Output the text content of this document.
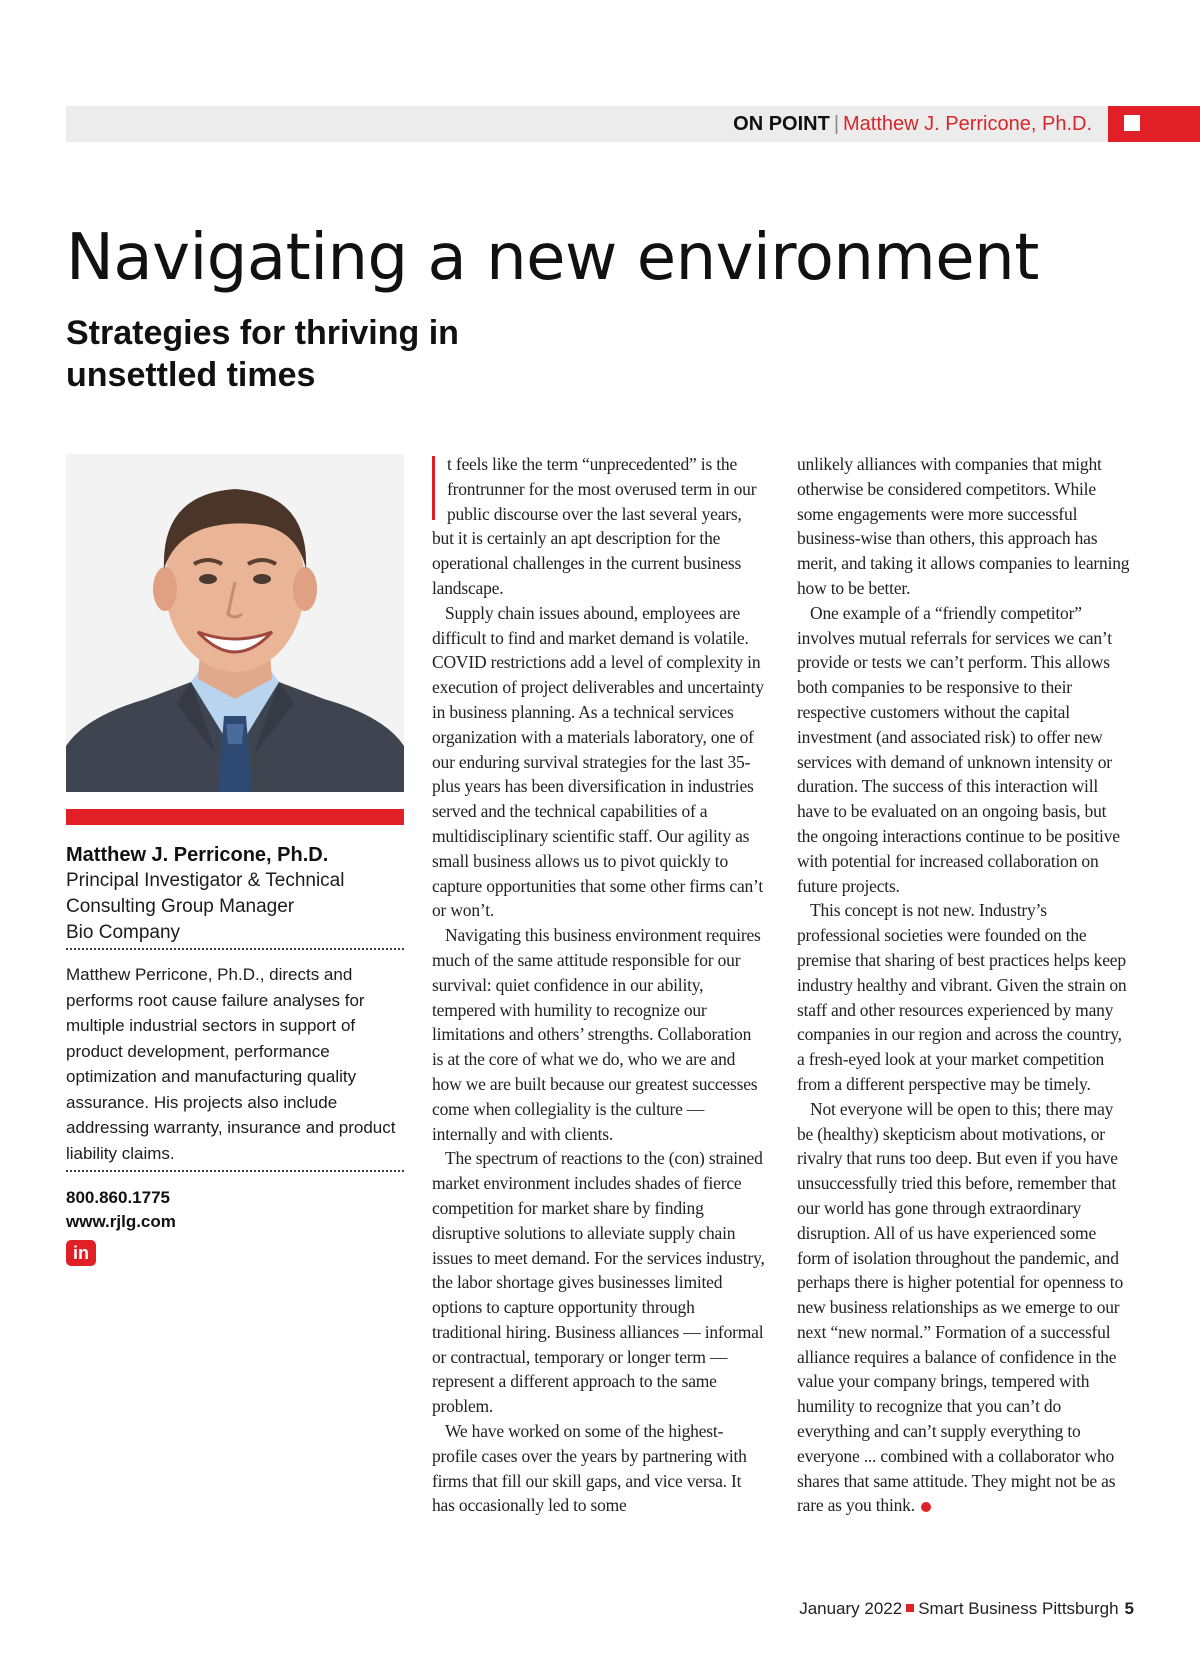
ON POINT | Matthew J. Perricone, Ph.D.
Navigating a new environment
Strategies for thriving in unsettled times
Matthew J. Perricone, Ph.D.
Principal Investigator & Technical
Consulting Group Manager
Bio Company
Matthew Perricone, Ph.D., directs and performs root cause failure analyses for multiple industrial sectors in support of product development, performance optimization and manufacturing quality assurance. His projects also include addressing warranty, insurance and product liability claims.
800.860.1775
www.rjlg.com
in

t feels like the term “unprecedented” is the frontrunner for the most overused term in our public discourse over the last several years, but it is certainly an apt description for the operational challenges in the current business landscape.

Supply chain issues abound, employees are difficult to find and market demand is volatile. COVID restrictions add a level of complexity in execution of project deliverables and uncertainty in business planning. As a technical services organization with a materials laboratory, one of our enduring survival strategies for the last 35-plus years has been diversification in industries served and the technical capabilities of a multidisciplinary scientific staff. Our agility as small business allows us to pivot quickly to capture opportunities that some other firms can’t or won’t.

Navigating this business environment requires much of the same attitude responsible for our survival: quiet confidence in our ability, tempered with humility to recognize our limitations and others’ strengths. Collaboration is at the core of what we do, who we are and how we are built because our greatest successes come when collegiality is the culture — internally and with clients.

The spectrum of reactions to the (con) strained market environment includes shades of fierce competition for market share by finding disruptive solutions to alleviate supply chain issues to meet demand. For the services industry, the labor shortage gives businesses limited options to capture opportunity through traditional hiring. Business alliances — informal or contractual, temporary or longer term — represent a different approach to the same problem.

We have worked on some of the highest-profile cases over the years by partnering with firms that fill our skill gaps, and vice versa. It has occasionally led to some

unlikely alliances with companies that might otherwise be considered competitors. While some engagements were more successful business-wise than others, this approach has merit, and taking it allows companies to learning how to be better.

One example of a “friendly competitor” involves mutual referrals for services we can’t provide or tests we can’t perform. This allows both companies to be responsive to their respective customers without the capital investment (and associated risk) to offer new services with demand of unknown intensity or duration. The success of this interaction will have to be evaluated on an ongoing basis, but the ongoing interactions continue to be positive with potential for increased collaboration on future projects.

This concept is not new. Industry’s professional societies were founded on the premise that sharing of best practices helps keep industry healthy and vibrant. Given the strain on staff and other resources experienced by many companies in our region and across the country, a fresh-eyed look at your market competition from a different perspective may be timely.

Not everyone will be open to this; there may be (healthy) skepticism about motivations, or rivalry that runs too deep. But even if you have unsuccessfully tried this before, remember that our world has gone through extraordinary disruption. All of us have experienced some form of isolation throughout the pandemic, and perhaps there is higher potential for openness to new business relationships as we emerge to our next “new normal.” Formation of a successful alliance requires a balance of confidence in the value your company brings, tempered with humility to recognize that you can’t do everything and can’t supply everything to everyone ... combined with a collaborator who shares that same attitude. They might not be as rare as you think.

January 2022 Smart Business Pittsburgh 5
